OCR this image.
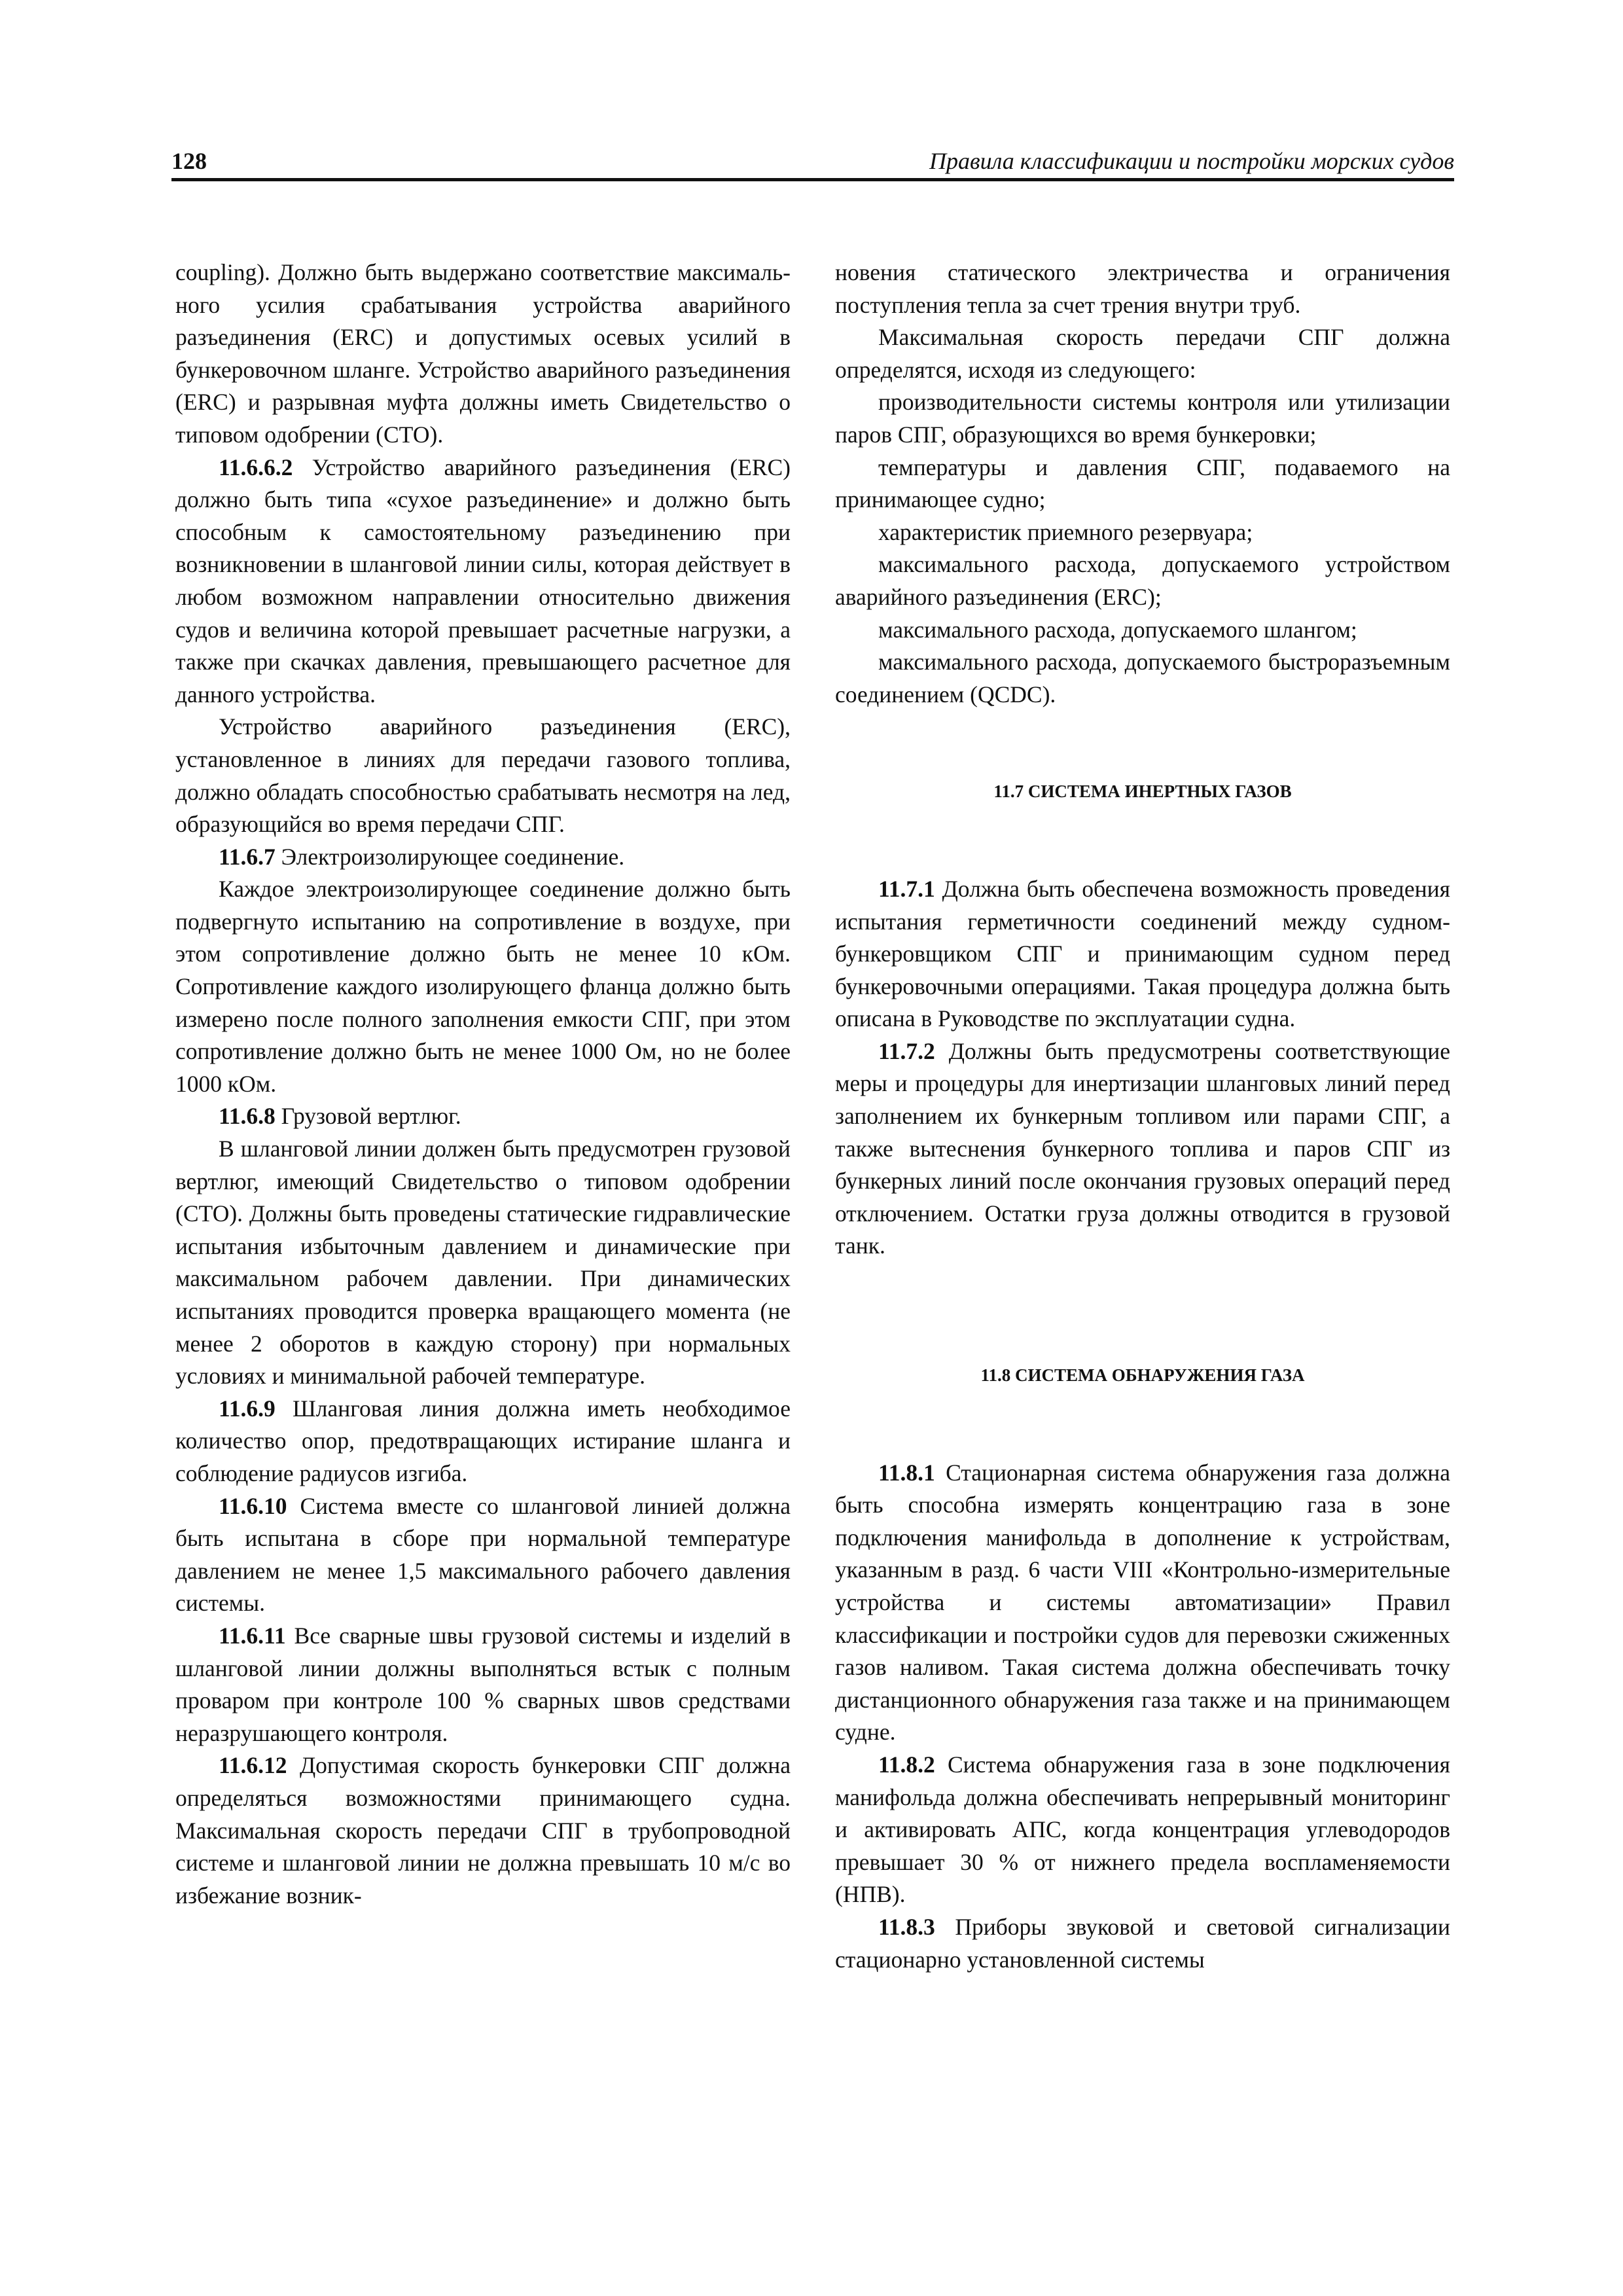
128	Правила классификации и постройки морских судов

coupling). Должно быть выдержано соответствие максималь-ного усилия срабатывания устройства аварийного разъединения (ERC) и допустимых осевых усилий в бункеровочном шланге. Устройство аварийного разъединения (ERC) и разрывная муфта должны иметь Свидетельство о типовом одобрении (СТО).

11.6.6.2 Устройство аварийного разъединения (ERC) должно быть типа «сухое разъединение» и должно быть способным к самостоятельному разъединению при возникновении в шланговой линии силы, которая действует в любом возможном направлении относительно движения судов и величина которой превышает расчетные нагрузки, а также при скачках давления, превышающего расчетное для данного устройства.

Устройство аварийного разъединения (ERC), установленное в линиях для передачи газового топлива, должно обладать способностью срабатывать несмотря на лед, образующийся во время передачи СПГ.

11.6.7 Электроизолирующее соединение.

Каждое электроизолирующее соединение должно быть подвергнуто испытанию на сопротивление в воздухе, при этом сопротивление должно быть не менее 10 кОм. Сопротивление каждого изолирующего фланца должно быть измерено после полного заполнения емкости СПГ, при этом сопротивление должно быть не менее 1000 Ом, но не более 1000 кОм.

11.6.8 Грузовой вертлюг.

В шланговой линии должен быть предусмотрен грузовой вертлюг, имеющий Свидетельство о типовом одобрении (СТО). Должны быть проведены статические гидравлические испытания избыточным давлением и динамические при максимальном рабочем давлении. При динамических испытаниях проводится проверка вращающего момента (не менее 2 оборотов в каждую сторону) при нормальных условиях и минимальной рабочей температуре.

11.6.9 Шланговая линия должна иметь необходимое количество опор, предотвращающих истирание шланга и соблюдение радиусов изгиба.

11.6.10 Система вместе со шланговой линией должна быть испытана в сборе при нормальной температуре давлением не менее 1,5 максимального рабочего давления системы.

11.6.11 Все сварные швы грузовой системы и изделий в шланговой линии должны выполняться встык с полным проваром при контроле 100 % сварных швов средствами неразрушающего контроля.

11.6.12 Допустимая скорость бункеровки СПГ должна определяться возможностями принимающего судна. Максимальная скорость передачи СПГ в трубопроводной системе и шланговой линии не должна превышать 10 м/с во избежание возник-

новения статического электричества и ограничения поступления тепла за счет трения внутри труб.

Максимальная скорость передачи СПГ должна определятся, исходя из следующего:

производительности системы контроля или утилизации паров СПГ, образующихся во время бункеровки;

температуры и давления СПГ, подаваемого на принимающее судно;

характеристик приемного резервуара;

максимального расхода, допускаемого устройством аварийного разъединения (ERC);

максимального расхода, допускаемого шлангом;

максимального расхода, допускаемого быстроразъемным соединением (QCDC).

11.7 СИСТЕМА ИНЕРТНЫХ ГАЗОВ

11.7.1 Должна быть обеспечена возможность проведения испытания герметичности соединений между судном-бункеровщиком СПГ и принимающим судном перед бункеровочными операциями. Такая процедура должна быть описана в Руководстве по эксплуатации судна.

11.7.2 Должны быть предусмотрены соответствующие меры и процедуры для инертизации шланговых линий перед заполнением их бункерным топливом или парами СПГ, а также вытеснения бункерного топлива и паров СПГ из бункерных линий после окончания грузовых операций перед отключением. Остатки груза должны отводится в грузовой танк.

11.8 СИСТЕМА ОБНАРУЖЕНИЯ ГАЗА

11.8.1 Стационарная система обнаружения газа должна быть способна измерять концентрацию газа в зоне подключения манифольда в дополнение к устройствам, указанным в разд. 6 части VIII «Контрольно-измерительные устройства и системы автоматизации» Правил классификации и постройки судов для перевозки сжиженных газов наливом. Такая система должна обеспечивать точку дистанционного обнаружения газа также и на принимающем судне.

11.8.2 Система обнаружения газа в зоне подключения манифольда должна обеспечивать непрерывный мониторинг и активировать АПС, когда концентрация углеводородов превышает 30 % от нижнего предела воспламеняемости (НПВ).

11.8.3 Приборы звуковой и световой сигнализации стационарно установленной системы
